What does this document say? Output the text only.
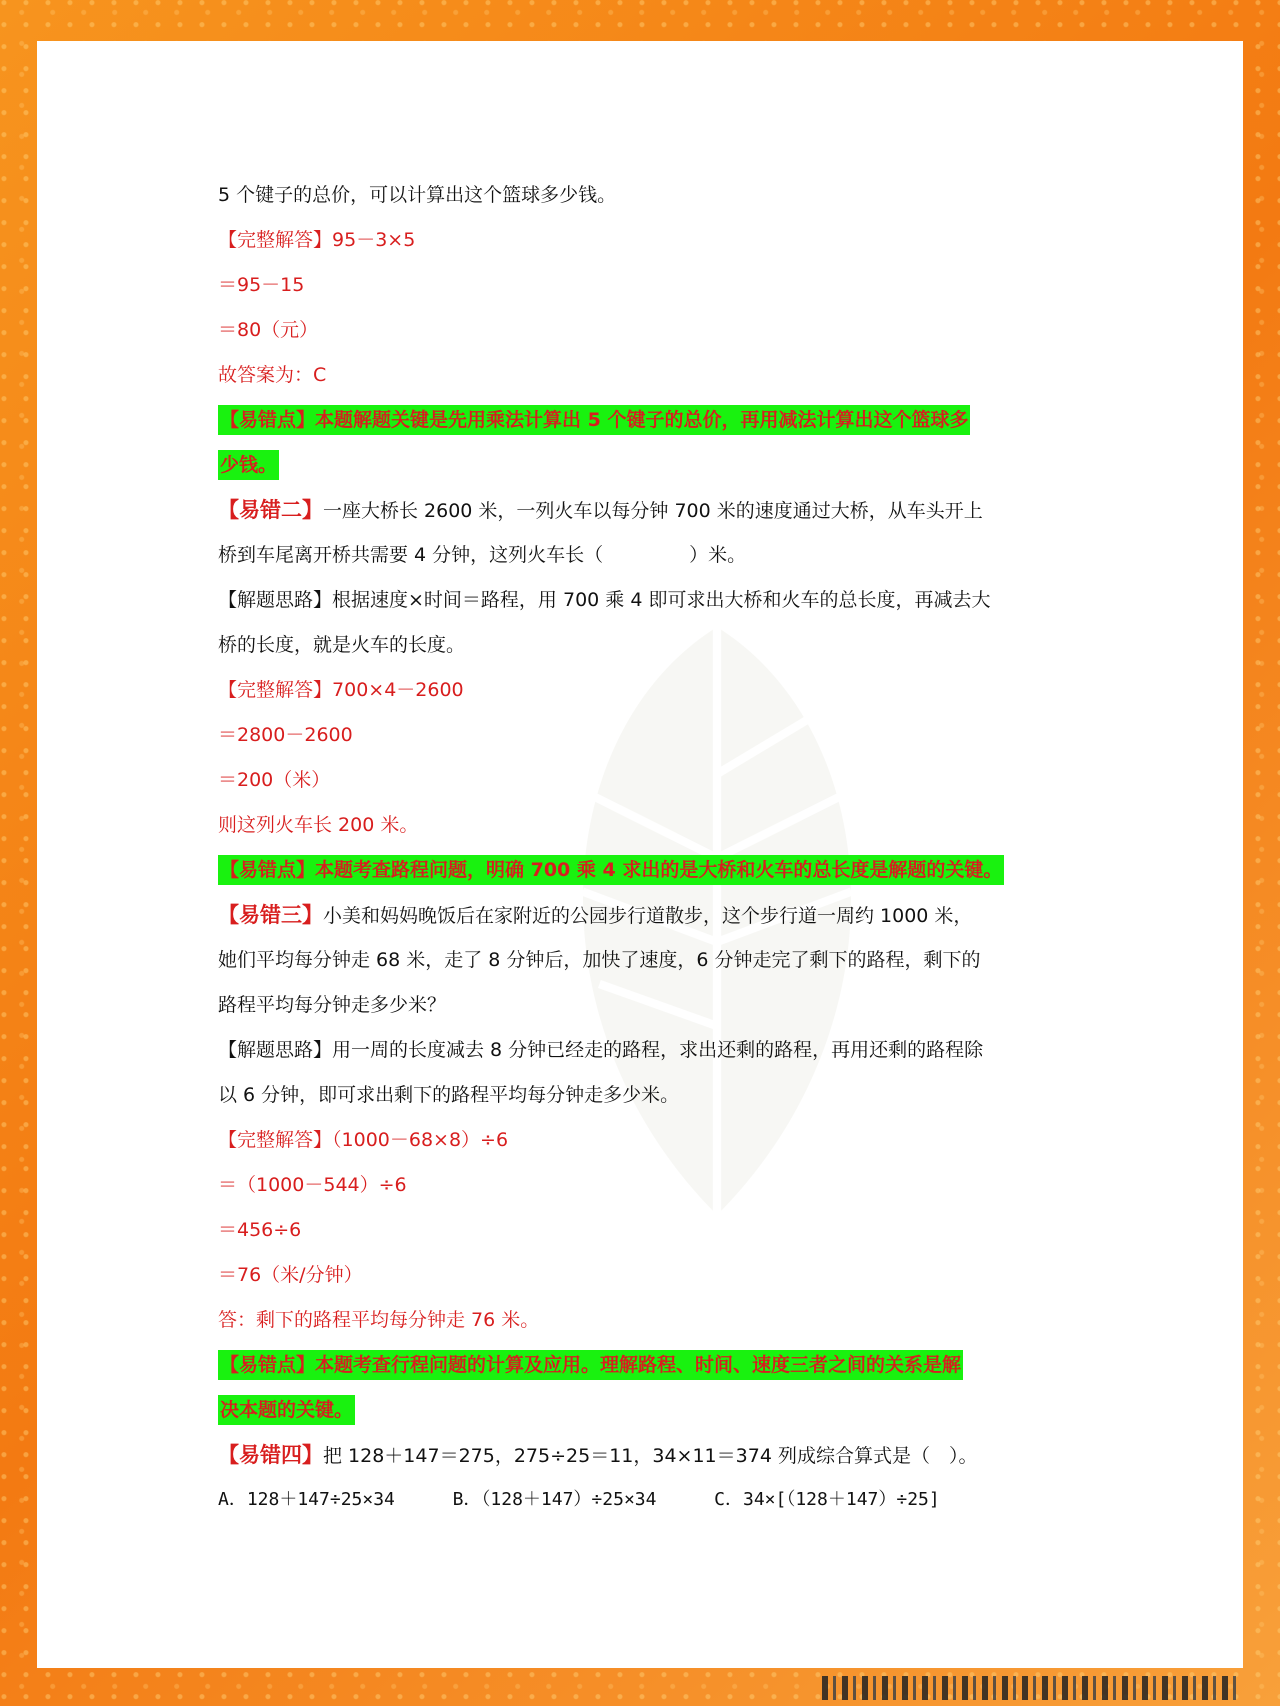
5 个键子的总价，可以计算出这个篮球多少钱。
【完整解答】95－3×5
＝95－15
＝80（元）
故答案为：C
【易错点】本题解题关键是先用乘法计算出 5 个键子的总价，再用减法计算出这个篮球多
少钱。
【易错二】一座大桥长 2600 米，一列火车以每分钟 700 米的速度通过大桥，从车头开上
桥到车尾离开桥共需要 4 分钟，这列火车长（	）米。
【解题思路】根据速度×时间＝路程，用 700 乘 4 即可求出大桥和火车的总长度，再减去大
桥的长度，就是火车的长度。
【完整解答】700×4－2600
＝2800－2600
＝200（米）
则这列火车长 200 米。
【易错点】本题考查路程问题，明确 700 乘 4 求出的是大桥和火车的总长度是解题的关键。
【易错三】小美和妈妈晚饭后在家附近的公园步行道散步，这个步行道一周约 1000 米，
她们平均每分钟走 68 米，走了 8 分钟后，加快了速度，6 分钟走完了剩下的路程，剩下的
路程平均每分钟走多少米？
【解题思路】用一周的长度减去 8 分钟已经走的路程，求出还剩的路程，再用还剩的路程除
以 6 分钟，即可求出剩下的路程平均每分钟走多少米。
【完整解答】（1000－68×8）÷6
＝（1000－544）÷6
＝456÷6
＝76（米/分钟）
答：剩下的路程平均每分钟走 76 米。
【易错点】本题考查行程问题的计算及应用。理解路程、时间、速度三者之间的关系是解
决本题的关键。
【易错四】把 128＋147＝275，275÷25＝11，34×11＝374 列成综合算式是（　）。
A．128＋147÷25×34	B．（128＋147）÷25×34	C．34×[（128＋147）÷25]
